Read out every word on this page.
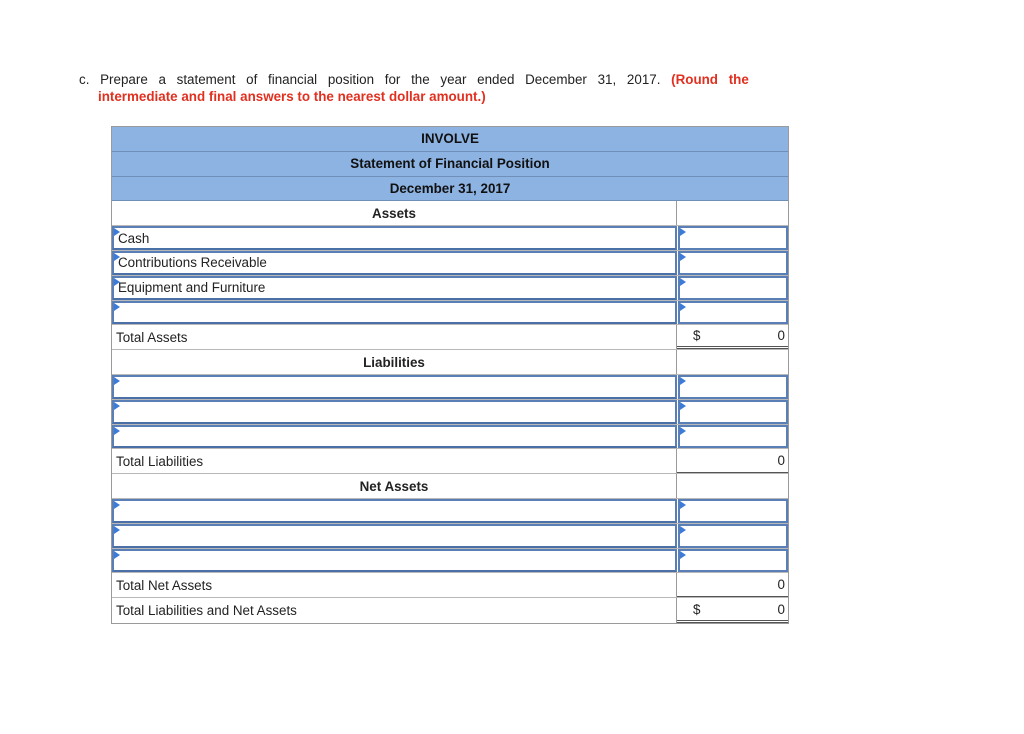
c. Prepare a statement of financial position for the year ended December 31, 2017. (Round the
intermediate and final answers to the nearest dollar amount.)
INVOLVE
Statement of Financial Position
December 31, 2017
Assets
Cash
Contributions Receivable
Equipment and Furniture
Total Assets	$	0
Liabilities
Total Liabilities	0
Net Assets
Total Net Assets	0
Total Liabilities and Net Assets	$	0
